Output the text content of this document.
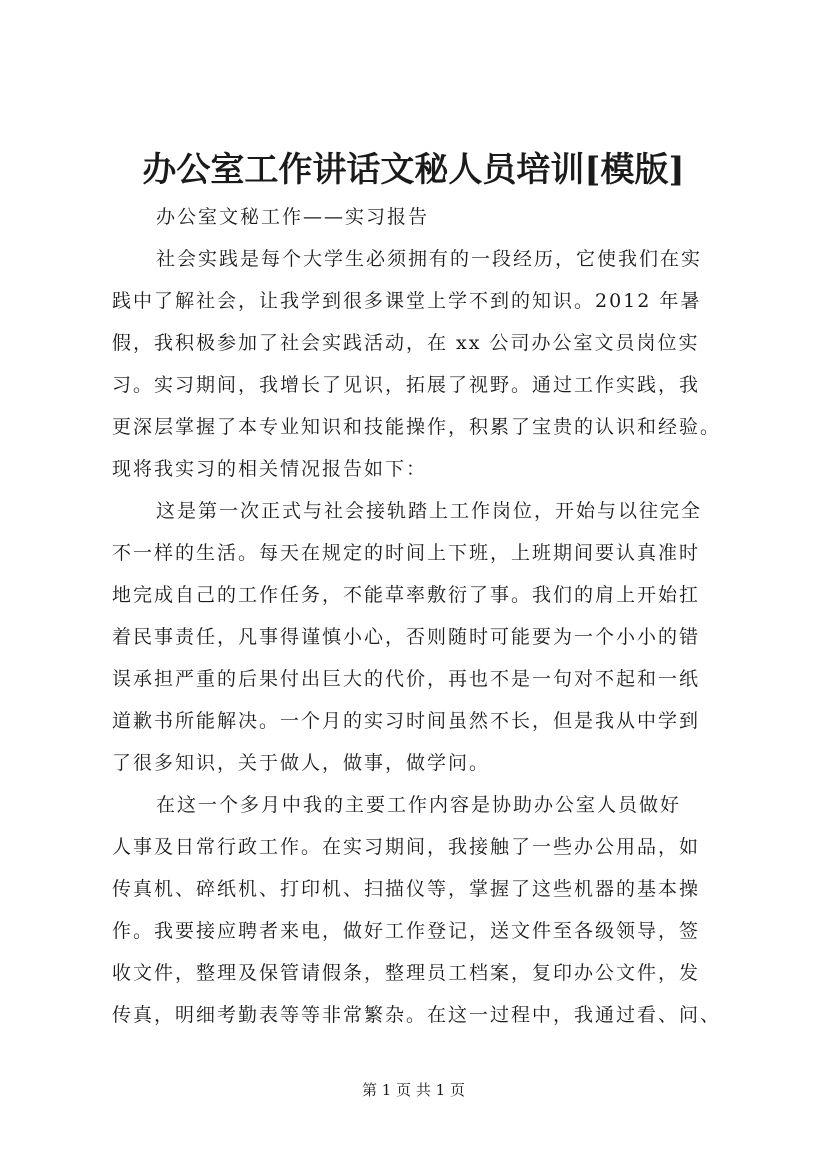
办公室工作讲话文秘人员培训[模版]
办公室文秘工作——实习报告
社会实践是每个大学生必须拥有的一段经历，它使我们在实
践中了解社会，让我学到很多课堂上学不到的知识。2012 年暑
假，我积极参加了社会实践活动，在 xx 公司办公室文员岗位实
习。实习期间，我增长了见识，拓展了视野。通过工作实践，我
更深层掌握了本专业知识和技能操作，积累了宝贵的认识和经验。
现将我实习的相关情况报告如下：
这是第一次正式与社会接轨踏上工作岗位，开始与以往完全
不一样的生活。每天在规定的时间上下班，上班期间要认真准时
地完成自己的工作任务，不能草率敷衍了事。我们的肩上开始扛
着民事责任，凡事得谨慎小心，否则随时可能要为一个小小的错
误承担严重的后果付出巨大的代价，再也不是一句对不起和一纸
道歉书所能解决。一个月的实习时间虽然不长，但是我从中学到
了很多知识，关于做人，做事，做学问。
在这一个多月中我的主要工作内容是协助办公室人员做好
人事及日常行政工作。在实习期间，我接触了一些办公用品，如
传真机、碎纸机、打印机、扫描仪等，掌握了这些机器的基本操
作。我要接应聘者来电，做好工作登记，送文件至各级领导，签
收文件，整理及保管请假条，整理员工档案，复印办公文件，发
传真，明细考勤表等等非常繁杂。在这一过程中，我通过看、问、
第 1 页 共 1 页
